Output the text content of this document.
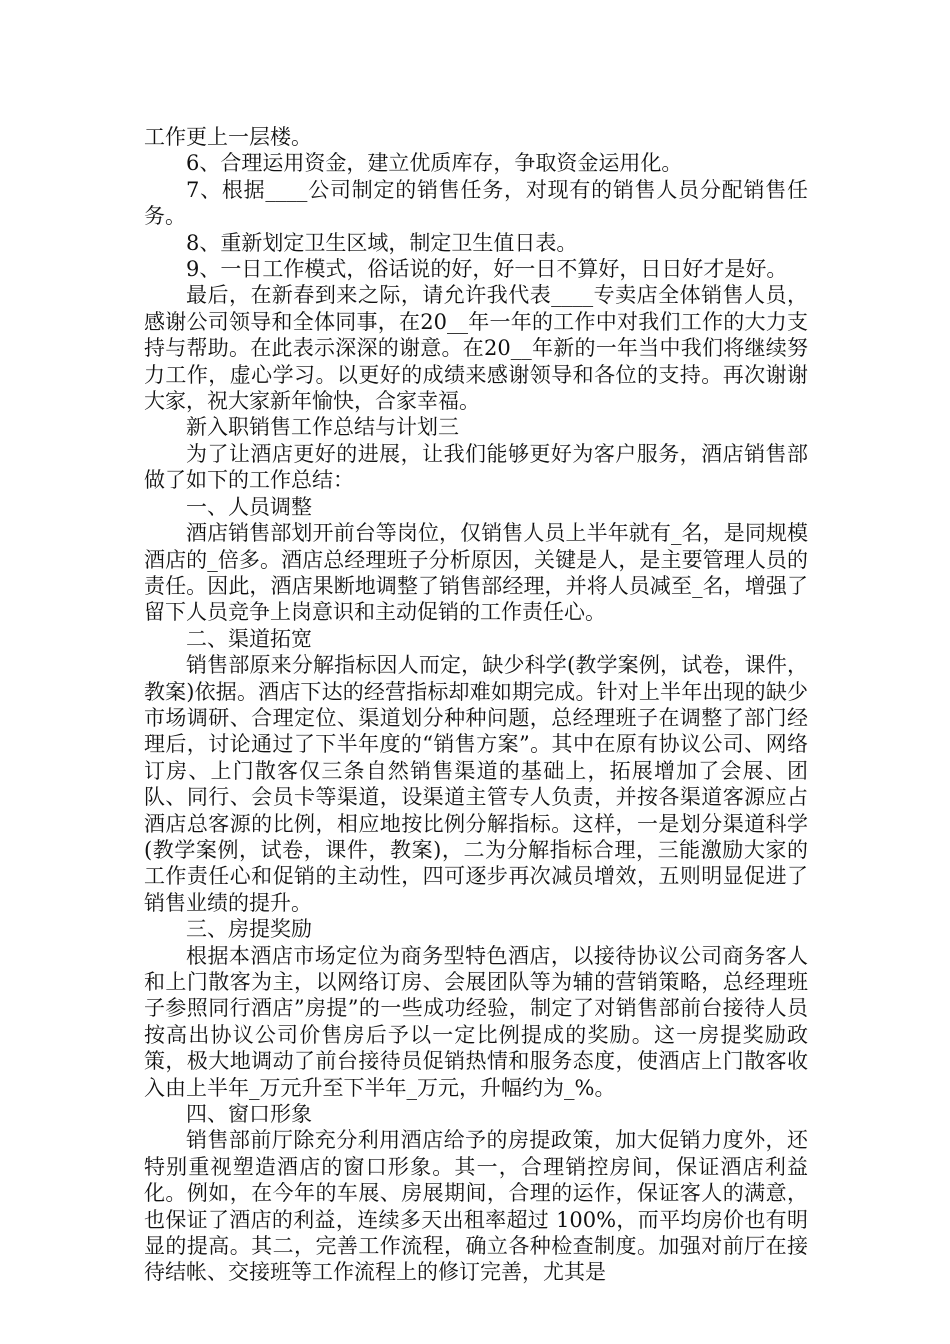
工作更上一层楼。

6、合理运用资金，建立优质库存，争取资金运用化。

7、根据____公司制定的销售任务，对现有的销售人员分配销售任务。

8、重新划定卫生区域，制定卫生值日表。

9、一日工作模式，俗话说的好，好一日不算好，日日好才是好。

最后，在新春到来之际，请允许我代表____专卖店全体销售人员，感谢公司领导和全体同事，在20__年一年的工作中对我们工作的大力支持与帮助。在此表示深深的谢意。在20__年新的一年当中我们将继续努力工作，虚心学习。以更好的成绩来感谢领导和各位的支持。再次谢谢大家，祝大家新年愉快，合家幸福。

新入职销售工作总结与计划三

为了让酒店更好的进展，让我们能够更好为客户服务，酒店销售部做了如下的工作总结：

一、人员调整

酒店销售部划开前台等岗位，仅销售人员上半年就有_名，是同规模酒店的_倍多。酒店总经理班子分析原因，关键是人，是主要管理人员的责任。因此，酒店果断地调整了销售部经理，并将人员减至_名，增强了留下人员竞争上岗意识和主动促销的工作责任心。

二、渠道拓宽

销售部原来分解指标因人而定，缺少科学(教学案例，试卷，课件，教案)依据。酒店下达的经营指标却难如期完成。针对上半年出现的缺少市场调研、合理定位、渠道划分种种问题，总经理班子在调整了部门经理后，讨论通过了下半年度的“销售方案”。其中在原有协议公司、网络订房、上门散客仅三条自然销售渠道的基础上，拓展增加了会展、团队、同行、会员卡等渠道，设渠道主管专人负责，并按各渠道客源应占酒店总客源的比例，相应地按比例分解指标。这样，一是划分渠道科学(教学案例，试卷，课件，教案)，二为分解指标合理，三能激励大家的工作责任心和促销的主动性，四可逐步再次减员增效，五则明显促进了销售业绩的提升。

三、房提奖励

根据本酒店市场定位为商务型特色酒店，以接待协议公司商务客人和上门散客为主，以网络订房、会展团队等为辅的营销策略，总经理班子参照同行酒店”房提”的一些成功经验，制定了对销售部前台接待人员按高出协议公司价售房后予以一定比例提成的奖励。这一房提奖励政策，极大地调动了前台接待员促销热情和服务态度，使酒店上门散客收入由上半年_万元升至下半年_万元，升幅约为_%。

四、窗口形象

销售部前厅除充分利用酒店给予的房提政策，加大促销力度外，还特别重视塑造酒店的窗口形象。其一，合理销控房间，保证酒店利益化。例如，在今年的车展、房展期间，合理的运作，保证客人的满意，也保证了酒店的利益，连续多天出租率超过 100%，而平均房价也有明显的提高。其二，完善工作流程，确立各种检查制度。加强对前厅在接待结帐、交接班等工作流程上的修订完善，尤其是
